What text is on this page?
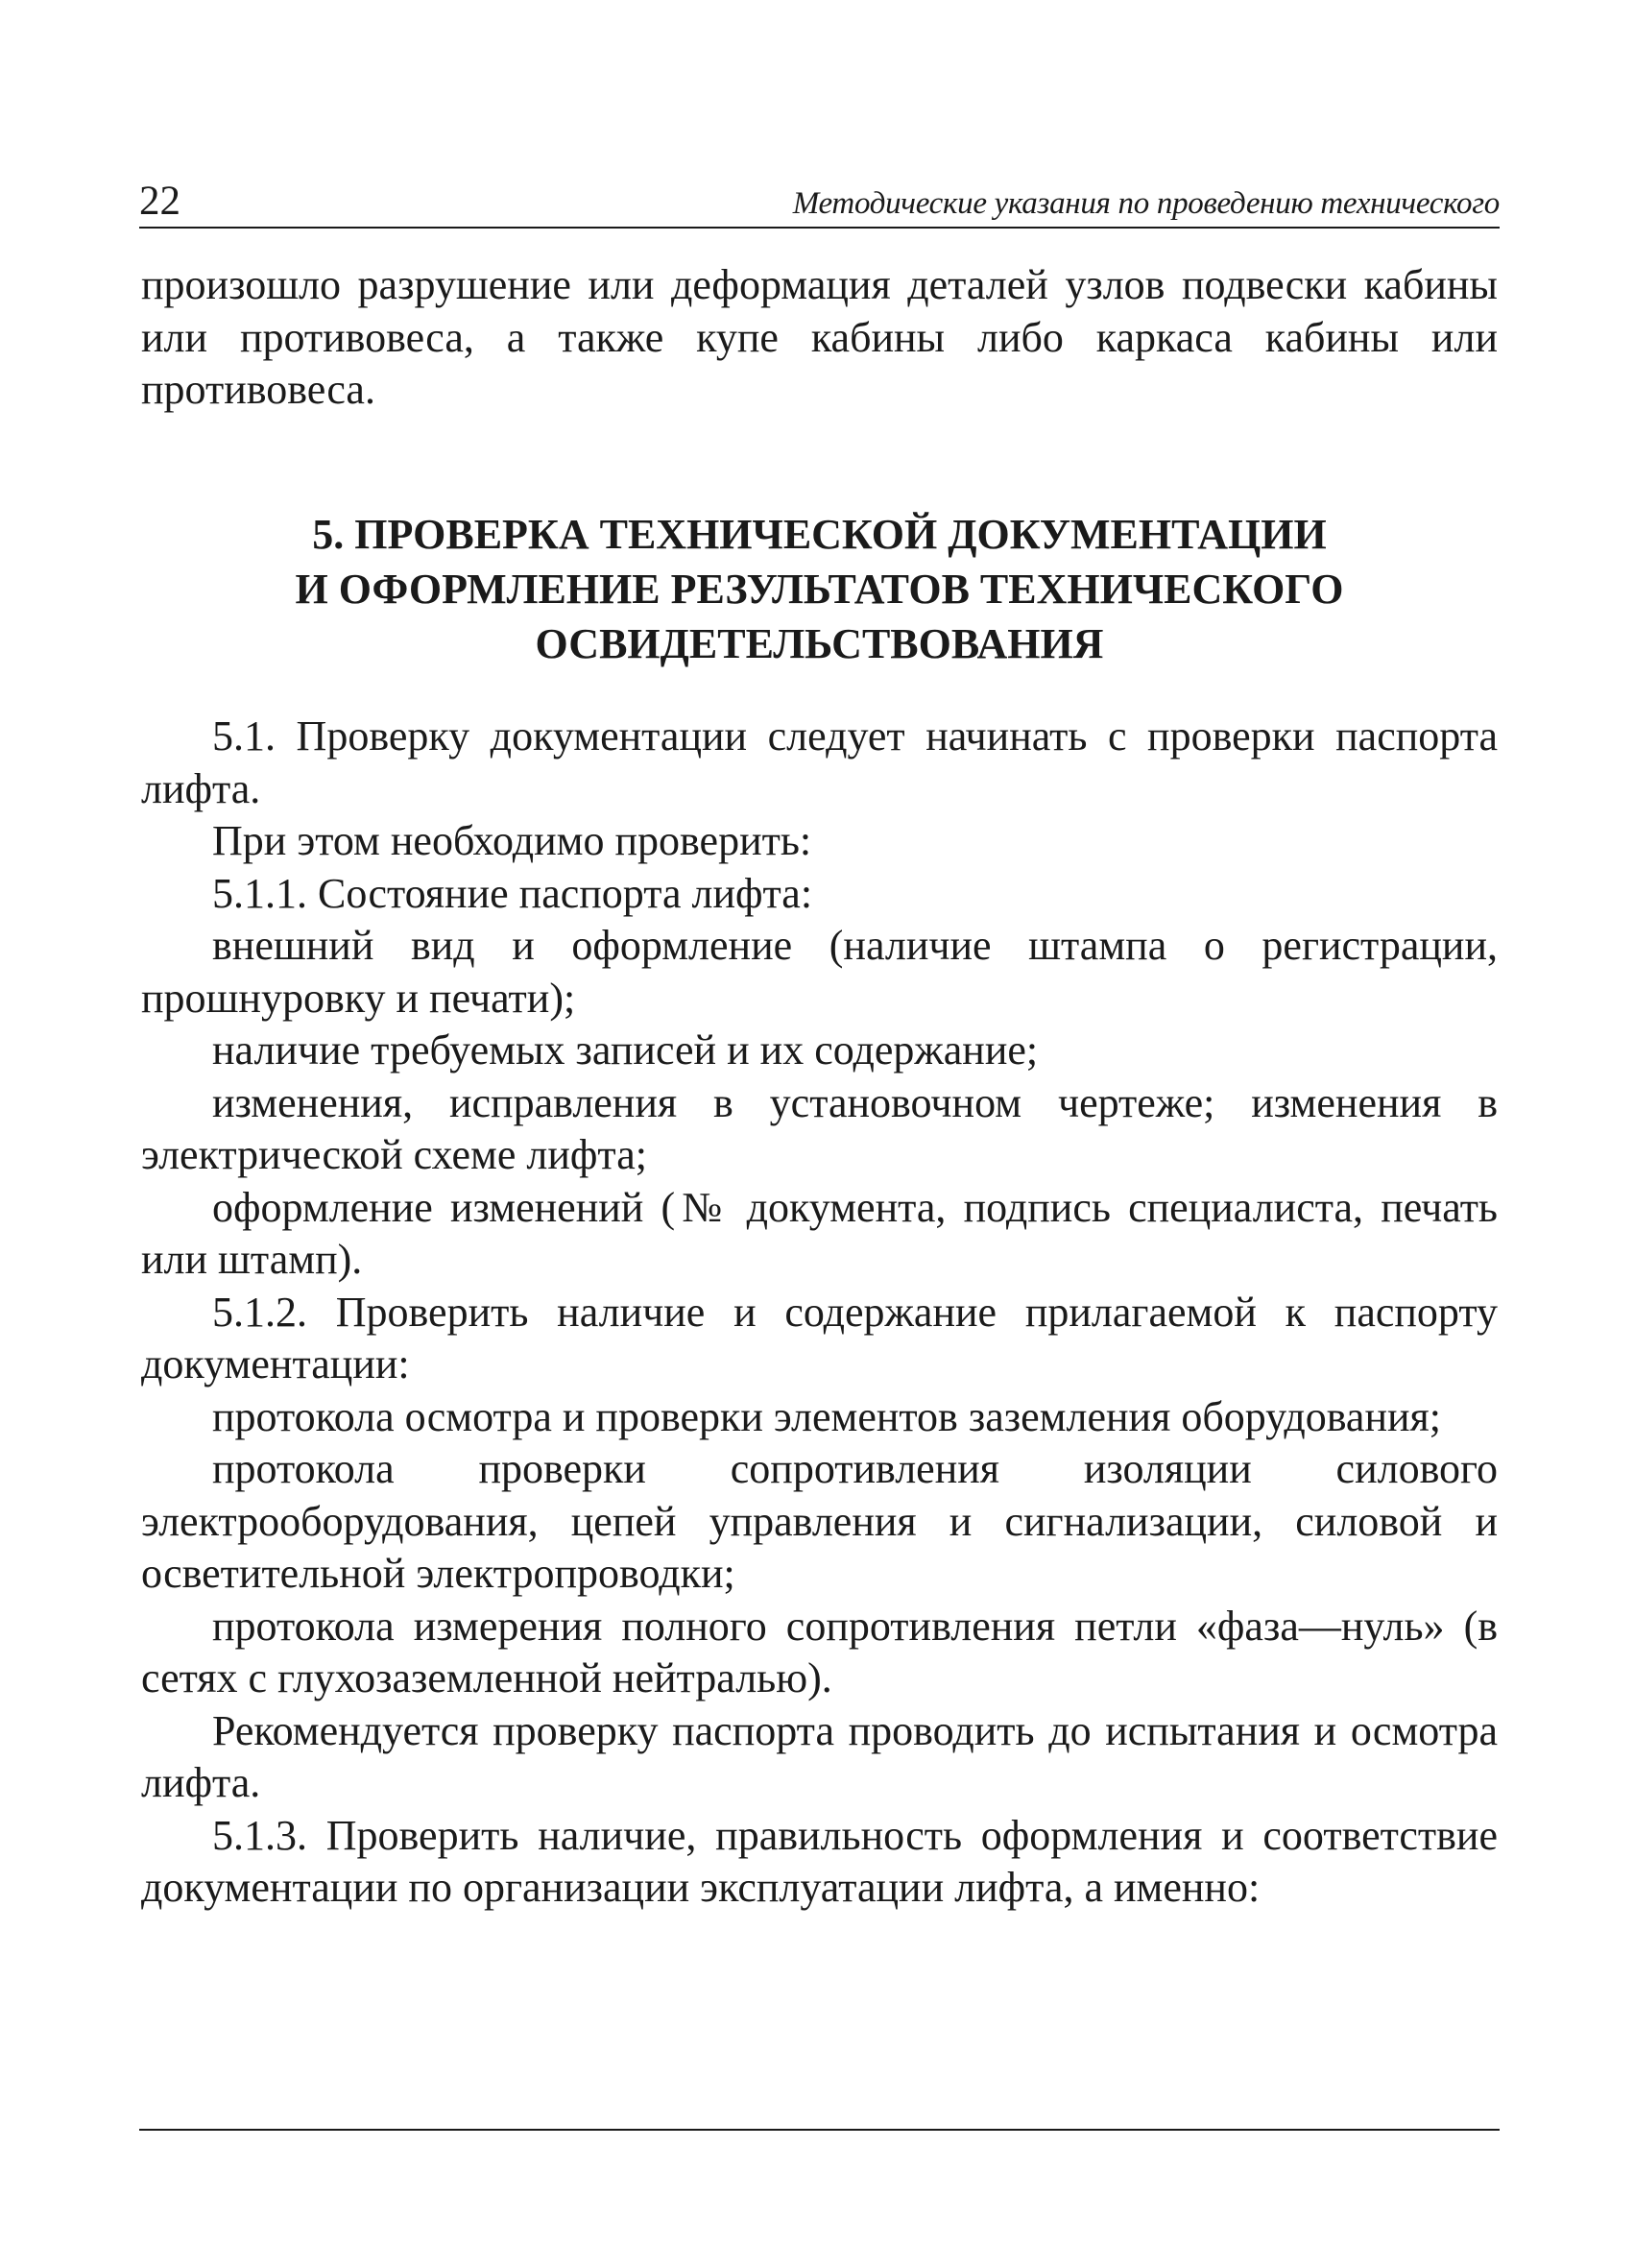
22	Методические указания по проведению технического

произошло разрушение или деформация деталей узлов подвески кабины или противовеса, а также купе кабины либо каркаса кабины или противовеса.

5. ПРОВЕРКА ТЕХНИЧЕСКОЙ ДОКУМЕНТАЦИИ
И ОФОРМЛЕНИЕ РЕЗУЛЬТАТОВ ТЕХНИЧЕСКОГО
ОСВИДЕТЕЛЬСТВОВАНИЯ

5.1. Проверку документации следует начинать с проверки паспорта лифта.

При этом необходимо проверить:

5.1.1. Состояние паспорта лифта:

внешний вид и оформление (наличие штампа о регистрации, прошнуровку и печати);

наличие требуемых записей и их содержание;

изменения, исправления в установочном чертеже; изменения в электрической схеме лифта;

оформление изменений (№ документа, подпись специалиста, печать или штамп).

5.1.2. Проверить наличие и содержание прилагаемой к паспорту документации:

протокола осмотра и проверки элементов заземления оборудования;

протокола проверки сопротивления изоляции силового электрооборудования, цепей управления и сигнализации, силовой и осветительной электропроводки;

протокола измерения полного сопротивления петли «фаза—нуль» (в сетях с глухозаземленной нейтралью).

Рекомендуется проверку паспорта проводить до испытания и осмотра лифта.

5.1.3. Проверить наличие, правильность оформления и соответствие документации по организации эксплуатации лифта, а именно:
